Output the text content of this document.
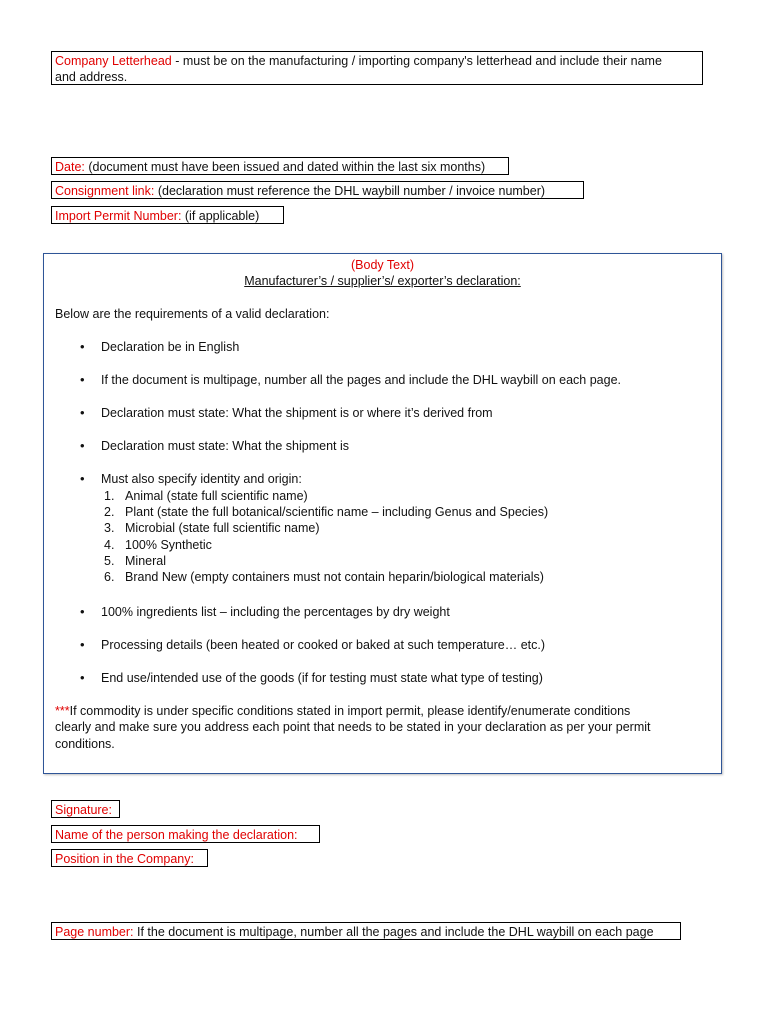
Company Letterhead - must be on the manufacturing / importing company's letterhead and include their name
and address.
Date: (document must have been issued and dated within the last six months)
Consignment link: (declaration must reference the DHL waybill number / invoice number)
Import Permit Number: (if applicable)
(Body Text)
Manufacturer’s / supplier’s/ exporter’s declaration:
Below are the requirements of a valid declaration:
• Declaration be in English
• If the document is multipage, number all the pages and include the DHL waybill on each page.
• Declaration must state: What the shipment is or where it’s derived from
• Declaration must state: What the shipment is
• Must also specify identity and origin:
1. Animal (state full scientific name)
2. Plant (state the full botanical/scientific name – including Genus and Species)
3. Microbial (state full scientific name)
4. 100% Synthetic
5. Mineral
6. Brand New (empty containers must not contain heparin/biological materials)
• 100% ingredients list – including the percentages by dry weight
• Processing details (been heated or cooked or baked at such temperature… etc.)
• End use/intended use of the goods (if for testing must state what type of testing)
***If commodity is under specific conditions stated in import permit, please identify/enumerate conditions
clearly and make sure you address each point that needs to be stated in your declaration as per your permit
conditions.
Signature:
Name of the person making the declaration:
Position in the Company:
Page number: If the document is multipage, number all the pages and include the DHL waybill on each page
